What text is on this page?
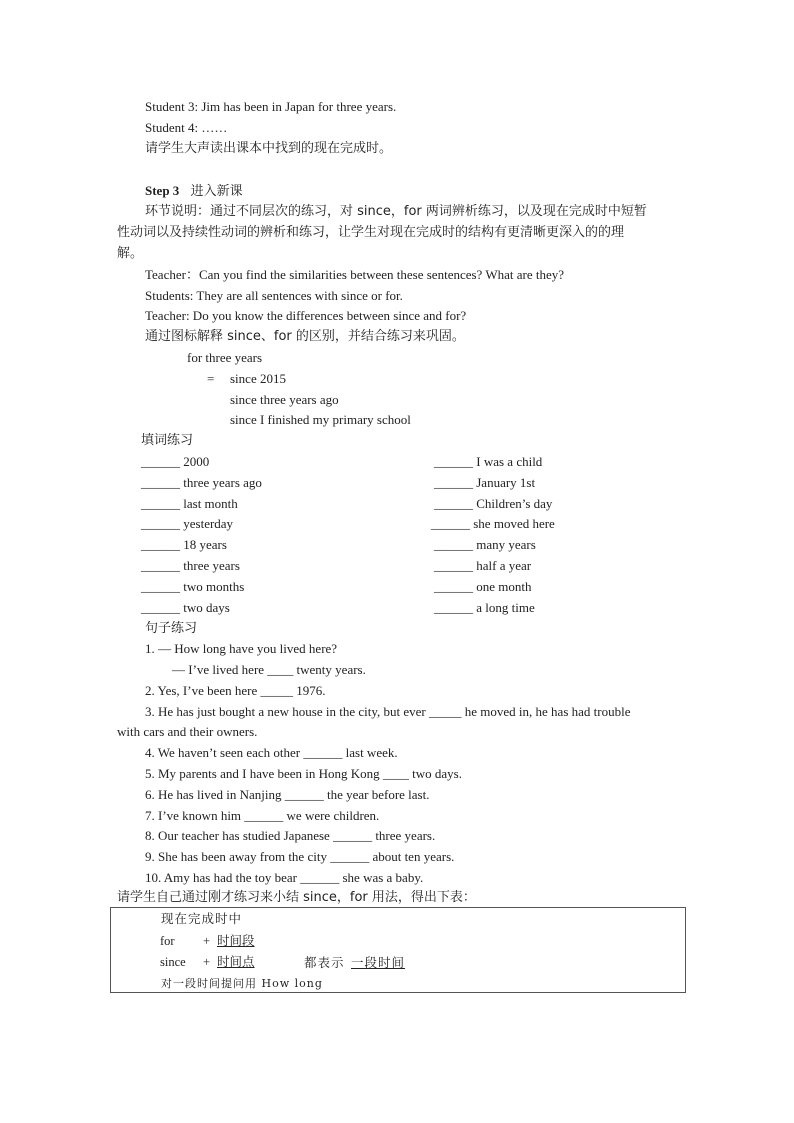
Student 3: Jim has been in Japan for three years.
Student 4: ……
请学生大声读出课本中找到的现在完成时。
Step 3 进入新课
环节说明：通过不同层次的练习，对 since，for 两词辨析练习，以及现在完成时中短暂
性动词以及持续性动词的辨析和练习，让学生对现在完成时的结构有更清晰更深入的的理
解。
Teacher：Can you find the similarities between these sentences? What are they?
Students: They are all sentences with since or for.
Teacher: Do you know the differences between since and for?
通过图标解释 since、for 的区别，并结合练习来巩固。
for three years
= since 2015
since three years ago
since I finished my primary school
填词练习
______ 2000
______ three years ago
______ last month
______ yesterday
______ 18 years
______ three years
______ two months
______ two days
______ I was a child
______ January 1st
______ Children’s day
______ she moved here
______ many years
______ half a year
______ one month
______ a long time
句子练习
1. — How long have you lived here?
— I’ve lived here ____ twenty years.
2. Yes, I’ve been here _____ 1976.
3. He has just bought a new house in the city, but ever _____ he moved in, he has had trouble
with cars and their owners.
4. We haven’t seen each other ______ last week.
5. My parents and I have been in Hong Kong ____ two days.
6. He has lived in Nanjing ______ the year before last.
7. I’ve known him ______ we were children.
8. Our teacher has studied Japanese ______ three years.
9. She has been away from the city ______ about ten years.
10. Amy has had the toy bear ______ she was a baby.
请学生自己通过刚才练习来小结 since，for 用法，得出下表：
现在完成时中
for + 时间段
since + 时间点	都表示 一段时间
对一段时间提问用 How long
